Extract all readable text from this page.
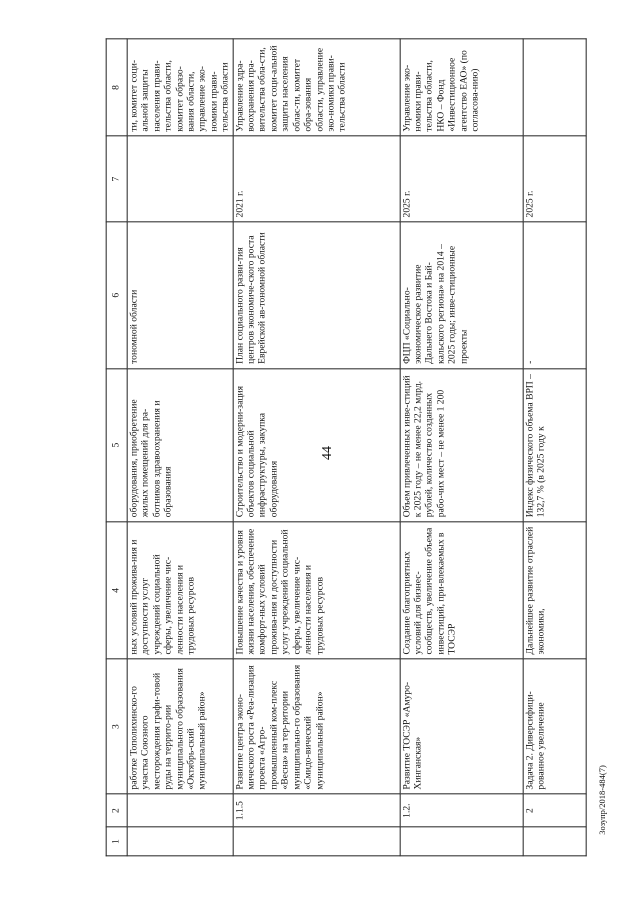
44
3озупр/2018-484(7)
1	2	3	4	5	6	7	8
		работке Тополихинско-го участка Союзного месторождения графи-товой руды на террито-рии муниципального образования «Октябрь-ский муниципальный район»	ных условий прожива-ния и доступности услуг учреждений социальной сферы, увеличение чис-ленности населения и трудовых ресурсов	оборудования, приобретение жилых помещений для ра-ботников здравоохранения и образования	тономной области		ти, комитет соци-альной защиты населения прави-тельства области, комитет образо-вания области, управление эко-номики прави-тельства области
	1.1.5	Развитие центра эконо-мического роста «Реа-лизация проекта «Агро-промышленный ком-плекс «Весна» на тер-ритории муниципально-го образования «Смидо-вический муниципальный район»	Повышение качества и уровня жизни населения, обеспечение комфорт-ных условий прожива-ния и доступности услуг учреждений социальной сферы, увеличение чис-ленности населения и трудовых ресурсов	Строительство и модерни-зация объектов социальной инфраструктуры, закупка оборудования	План социального разви-тия центров экономиче-ского роста Еврейской ав-тономной области	2021 г.	Управление здра-воохранения пра-вительства обла-сти, комитет соци-альной защиты населения облас-ти, комитет обра-зования области, управление эко-номики прави-тельства области
	1.2.	Развитие ТОСЭР «Амуро-Хинганская»	Создание благоприятных условий для бизнес-сообществ, увеличение объема инвестиций, при-влекаемых в ТОСЭР	Объем привлеченных инве-стиций к 2025 году – не менее 22,2 млрд. рублей, количество созданных рабо-чих мест – не менее 1 200	ФЦП «Социально-экономическое развитие Дальнего Востока и Бай-кальского региона» на 2014 – 2025 годы; инве-стиционные проекты	2025 г.	Управление эко-номики прави-тельства области, НКО – Фонд «Инвестиционное агентство ЕАО» (по согласова-нию)
	2	Задача 2. Диверсифици-рованное увеличение	Дальнейшее развитие отраслей экономики,	Индекс физического объема ВРП – 132,7 % (в 2025 году к	-	2025 г.	
